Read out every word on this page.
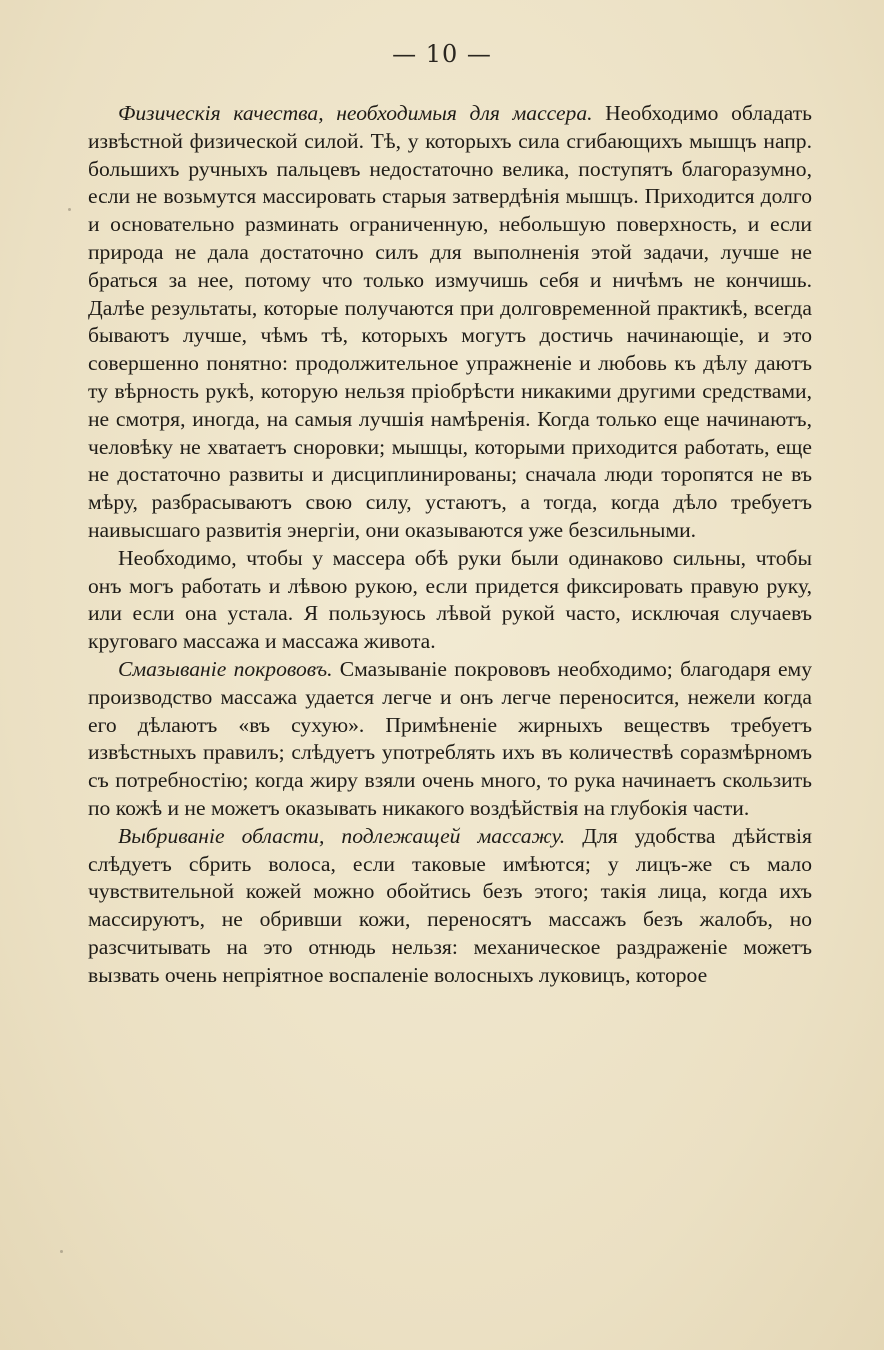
— 10 —

Физическія качества, необходимыя для массера. Необходимо обладать извѣстной физической силой. Тѣ, у которыхъ сила сгибающихъ мышцъ напр. большихъ ручныхъ пальцевъ недостаточно велика, поступятъ благоразумно, если не возьмутся массировать старыя затвердѣнія мышцъ. Приходится долго и основательно разминать ограниченную, небольшую поверхность, и если природа не дала достаточно силъ для выполненія этой задачи, лучше не браться за нее, потому что только измучишь себя и ничѣмъ не кончишь. Далѣе результаты, которые получаются при долговременной практикѣ, всегда бываютъ лучше, чѣмъ тѣ, которыхъ могутъ достичь начинающіе, и это совершенно понятно: продолжительное упражненіе и любовь къ дѣлу даютъ ту вѣрность рукѣ, которую нельзя пріобрѣсти никакими другими средствами, не смотря, иногда, на самыя лучшія намѣренія. Когда только еще начинаютъ, человѣку не хватаетъ сноровки; мышцы, которыми приходится работать, еще не достаточно развиты и дисциплинированы; сначала люди торопятся не въ мѣру, разбрасываютъ свою силу, устаютъ, а тогда, когда дѣло требуетъ наивысшаго развитія энергіи, они оказываются уже безсильными.

Необходимо, чтобы у массера обѣ руки были одинаково сильны, чтобы онъ могъ работать и лѣвою рукою, если придется фиксировать правую руку, или если она устала. Я пользуюсь лѣвой рукой часто, исключая случаевъ круговаго массажа и массажа живота.

Смазываніе покрововъ. Смазываніе покрововъ необходимо; благодаря ему производство массажа удается легче и онъ легче переносится, нежели когда его дѣлаютъ «въ сухую». Примѣненіе жирныхъ веществъ требуетъ извѣстныхъ правилъ; слѣдуетъ употреблять ихъ въ количествѣ соразмѣрномъ съ потребностію; когда жиру взяли очень много, то рука начинаетъ скользить по кожѣ и не можетъ оказывать никакого воздѣйствія на глубокія части.

Выбриваніе области, подлежащей массажу. Для удобства дѣйствія слѣдуетъ сбрить волоса, если таковые имѣются; у лицъ-же съ мало чувствительной кожей можно обойтись безъ этого; такія лица, когда ихъ массируютъ, не обривши кожи, переносятъ массажъ безъ жалобъ, но разсчитывать на это отнюдь нельзя: механическое раздраженіе можетъ вызвать очень непріятное воспаленіе волосныхъ луковицъ, которое
